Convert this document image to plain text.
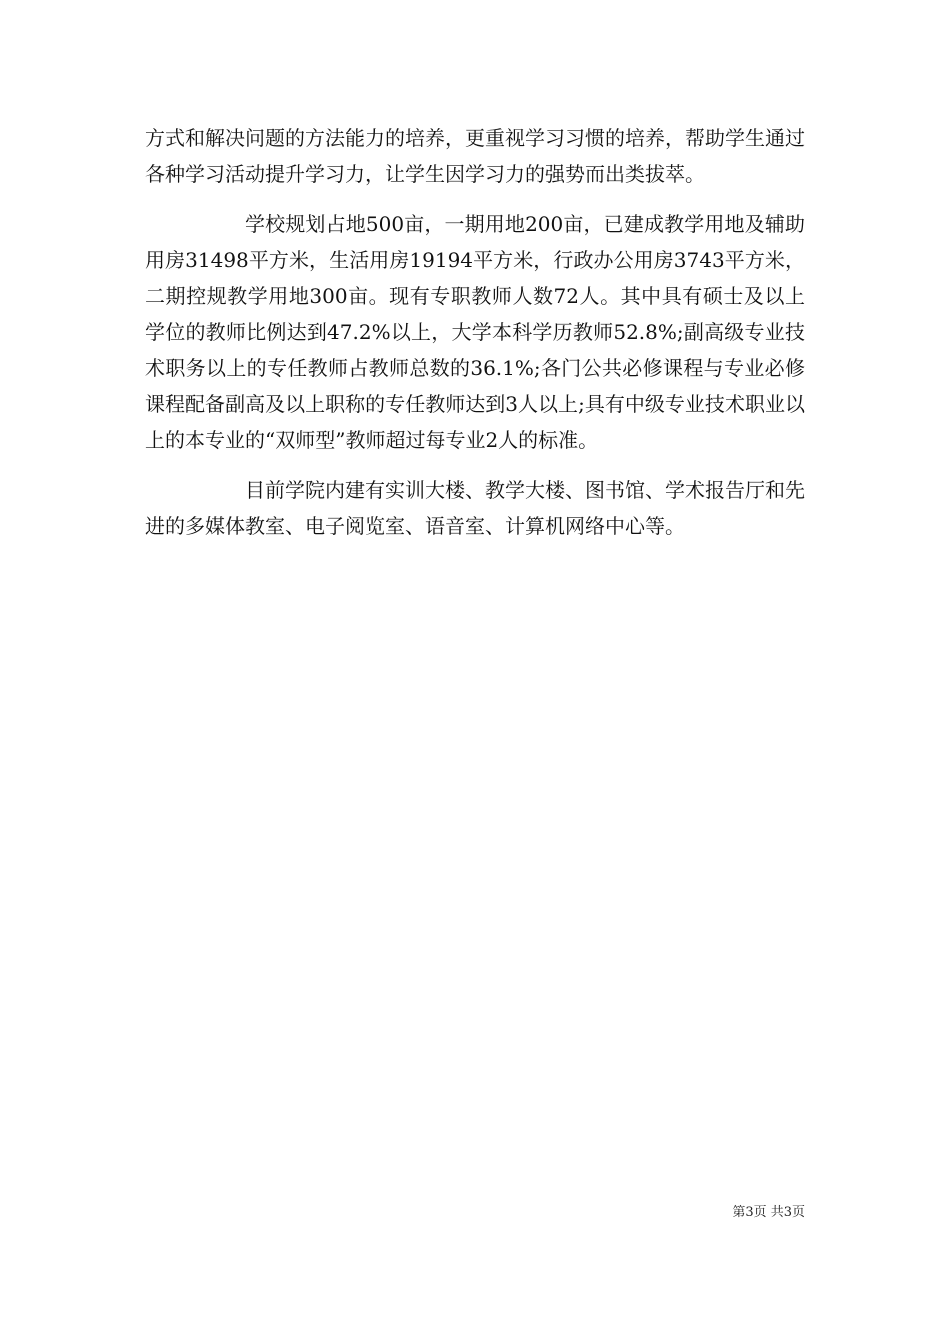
方式和解决问题的方法能力的培养，更重视学习习惯的培养，帮助学生通过各种学习活动提升学习力，让学生因学习力的强势而出类拔萃。

学校规划占地500亩，一期用地200亩，已建成教学用地及辅助用房31498平方米，生活用房19194平方米，行政办公用房3743平方米，二期控规教学用地300亩。现有专职教师人数72人。其中具有硕士及以上学位的教师比例达到47.2%以上，大学本科学历教师52.8%;副高级专业技术职务以上的专任教师占教师总数的36.1%;各门公共必修课程与专业必修课程配备副高及以上职称的专任教师达到3人以上;具有中级专业技术职业以上的本专业的“双师型”教师超过每专业2人的标准。

目前学院内建有实训大楼、教学大楼、图书馆、学术报告厅和先进的多媒体教室、电子阅览室、语音室、计算机网络中心等。

第3页 共3页
